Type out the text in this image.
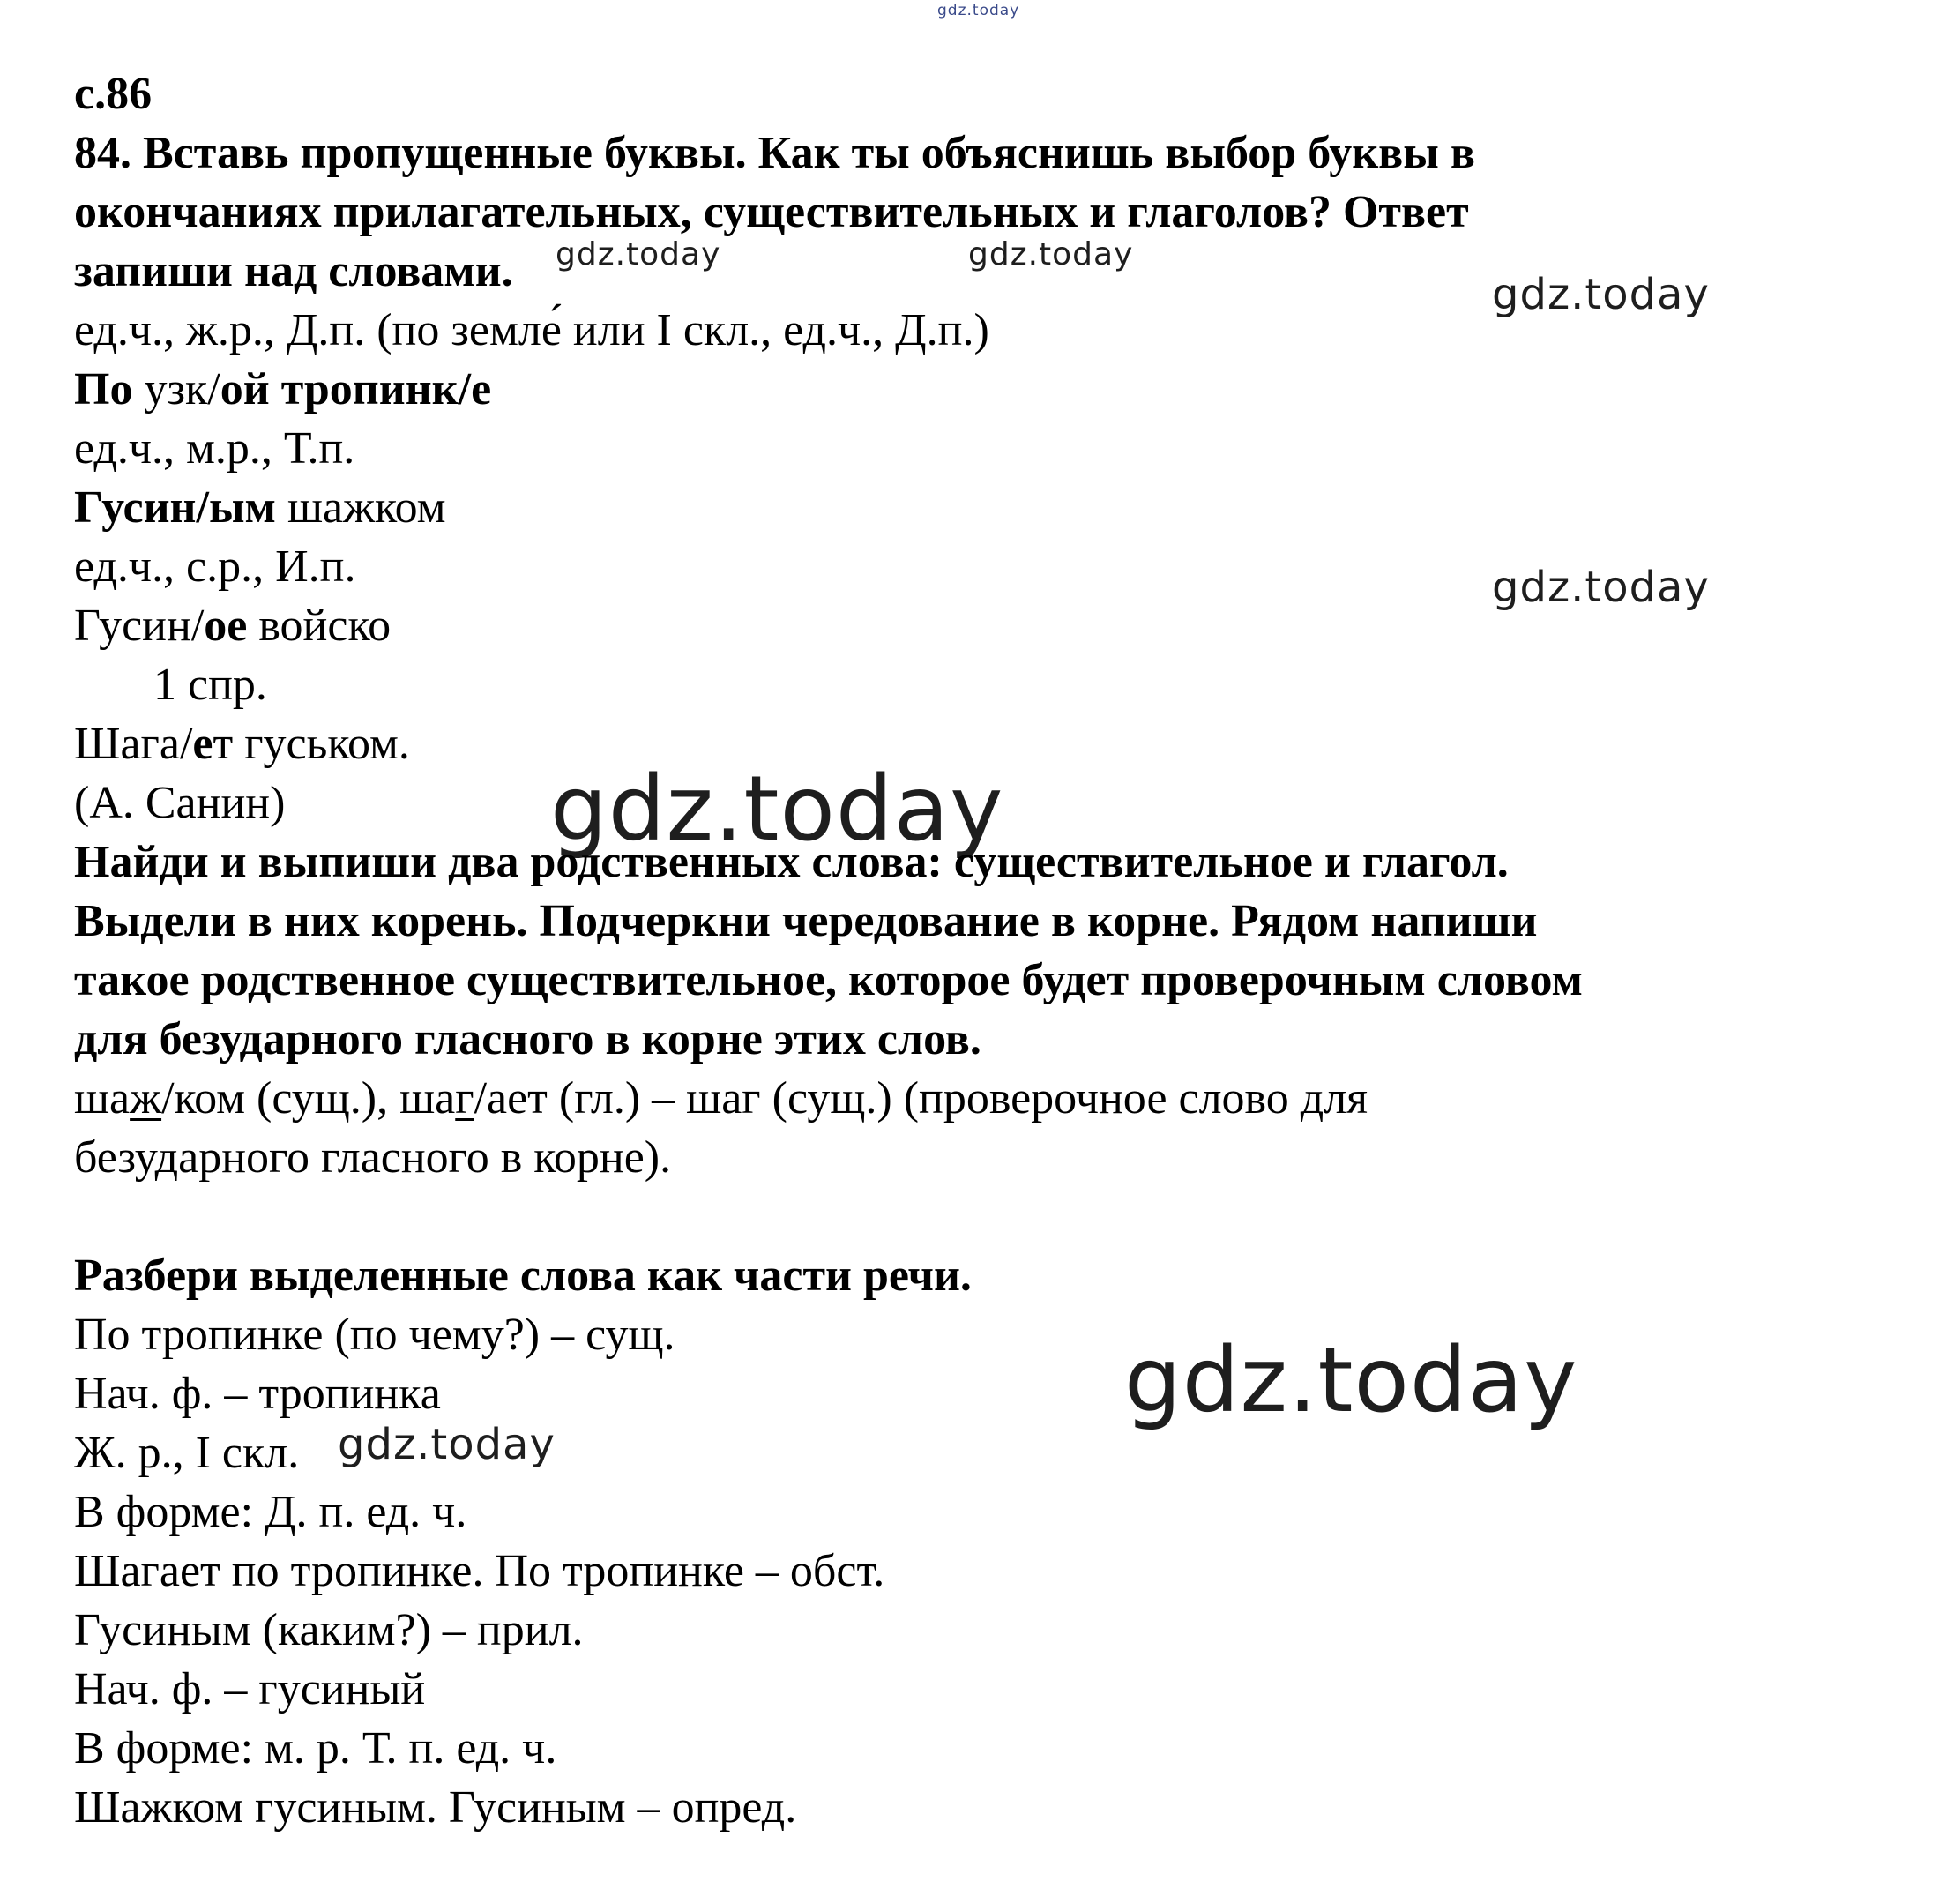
gdz.today
gdz.today	gdz.today
gdz.today
gdz.today
gdz.today
gdz.today
gdz.today
с.86
84. Вставь пропущенные буквы. Как ты объяснишь выбор буквы в
окончаниях прилагательных, существительных и глаголов? Ответ
запиши над словами.
ед.ч., ж.р., Д.п. (по земле́ или I скл., ед.ч., Д.п.)
По узк/ой тропинк/е
ед.ч., м.р., Т.п.
Гусин/ым шажком
ед.ч., с.р., И.п.
Гусин/ое войско
1 спр.
Шага/ет гуськом.
(А. Санин)
Найди и выпиши два родственных слова: существительное и глагол.
Выдели в них корень. Подчеркни чередование в корне. Рядом напиши
такое родственное существительное, которое будет проверочным словом
для безударного гласного в корне этих слов.
шаж/ком (сущ.), шаг/ает (гл.) – шаг (сущ.) (проверочное слово для
безударного гласного в корне).
Разбери выделенные слова как части речи.
По тропинке (по чему?) – сущ.
Нач. ф. – тропинка
Ж. р., I скл.
В форме: Д. п. ед. ч.
Шагает по тропинке. По тропинке – обст.
Гусиным (каким?) – прил.
Нач. ф. – гусиный
В форме: м. р. Т. п. ед. ч.
Шажком гусиным. Гусиным – опред.
